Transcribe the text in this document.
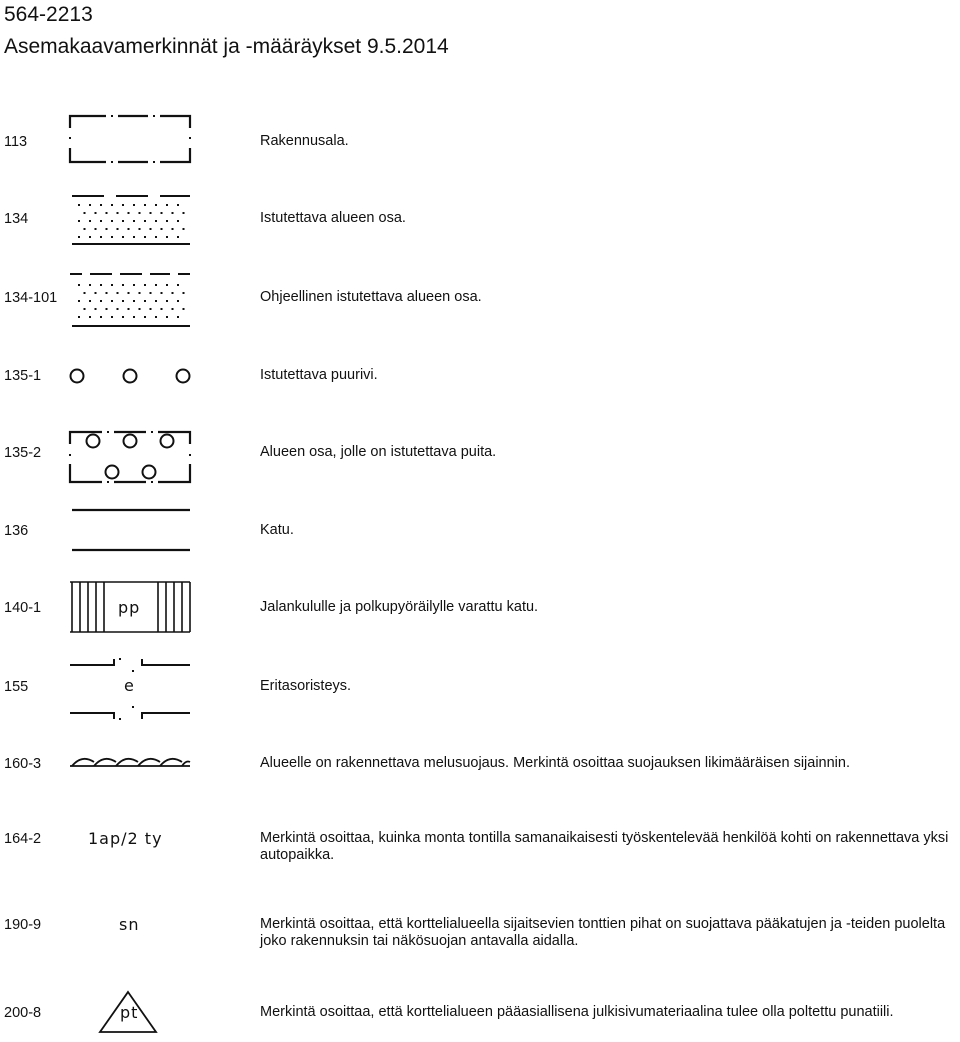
564-2213
Asemakaavamerkinnät ja -määräykset 9.5.2014
113	Rakennusala.
134	Istutettava alueen osa.
134-101	Ohjeellinen istutettava alueen osa.
135-1	Istutettava puurivi.
135-2	Alueen osa, jolle on istutettava puita.
136	Katu.
140-1	pp	Jalankululle ja polkupyöräilylle varattu katu.
155	e	Eritasoristeys.
160-3	Alueelle on rakennettava melusuojaus. Merkintä osoittaa suojauksen likimääräisen sijainnin.
164-2	1ap/2 ty	Merkintä osoittaa, kuinka monta tontilla samanaikaisesti työskentelevää henkilöä kohti on rakennettava yksi autopaikka.
190-9	sn	Merkintä osoittaa, että korttelialueella sijaitsevien tonttien pihat on suojattava pääkatujen ja -teiden puolelta joko rakennuksin tai näkösuojan antavalla aidalla.
200-8	pt	Merkintä osoittaa, että korttelialueen pääasiallisena julkisivumateriaalina tulee olla poltettu punatiili.
